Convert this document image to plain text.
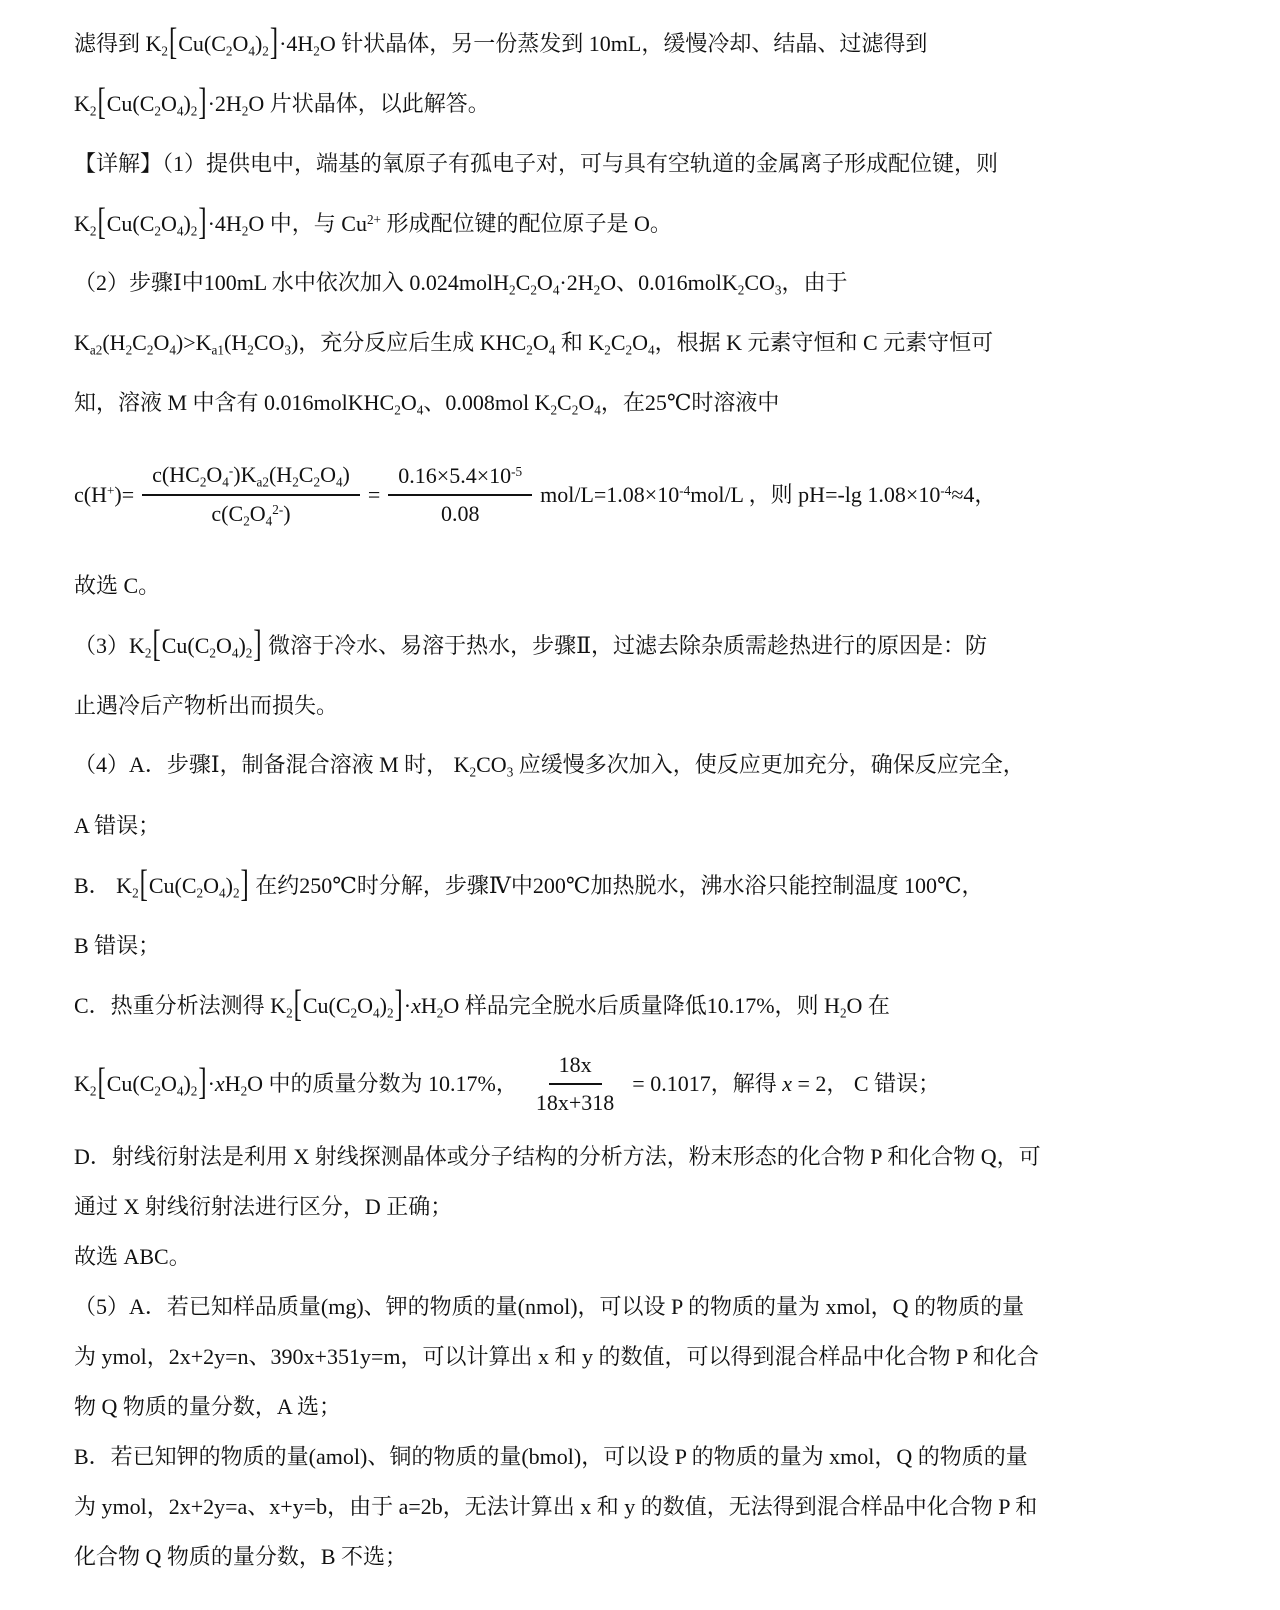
滤得到 $K_2[Cu(C_2O_4)_2]\cdot 4H_2O$ 针状晶体，另一份蒸发到 10mL，缓慢冷却、结晶、过滤得到
$K_2[Cu(C_2O_4)_2]\cdot 2H_2O$ 片状晶体，以此解答。
【详解】（1）提供电中，端基的氧原子有孤电子对，可与具有空轨道的金属离子形成配位键，则
$K_2[Cu(C_2O_4)_2]\cdot 4H_2O$ 中，与 $Cu^{2+}$ 形成配位键的配位原子是 O。
（2）步骤Ⅰ中100mL 水中依次加入 $0.024molH_2C_2O_4\cdot 2H_2O$、$0.016molK_2CO_3$，由于
$K_{a2}(H_2C_2O_4)>K_{a1}(H_2CO_3)$，充分反应后生成 $KHC_2O_4$ 和 $K_2C_2O_4$，根据 K 元素守恒和 C 元素守恒可
知，溶液 M 中含有 $0.016molKHC_2O_4$、0.008mol $K_2C_2O_4$，在25℃时溶液中
$c(H^+)= \frac{c(HC_2O_4^-)K_{a2}(H_2C_2O_4)}{c(C_2O_4^{2-})} = \frac{0.16\times 5.4\times 10^{-5}}{0.08} mol/L=1.08\times 10^{-4}mol/L$ ，则 pH=-lg $1.08\times 10^{-4}\approx 4$，
故选 C。
$(3)K_2[Cu(C_2O_4)_2]$ 微溶于冷水、易溶于热水，步骤Ⅱ，过滤去除杂质需趁热进行的原因是：防
止遇冷后产物析出而损失。
（4）A．步骤Ⅰ，制备混合溶液 M 时， $K_2CO_3$ 应缓慢多次加入，使反应更加充分，确保反应完全，
A 错误；
B． $K_2[Cu(C_2O_4)_2]$ 在约250℃时分解，步骤Ⅳ中200℃加热脱水，沸水浴只能控制温度 100℃，
B 错误；
C．热重分析法测得 $K_2[Cu(C_2O_4)_2]\cdot xH_2O$ 样品完全脱水后质量降低10.17%，则 $H_2O$ 在
$K_2[Cu(C_2O_4)_2]\cdot xH_2O$ 中的质量分数为 10.17%， $\frac{18x}{18x+318} = 0.1017$，解得 x = 2， C 错误；
D．射线衍射法是利用 X 射线探测晶体或分子结构的分析方法，粉末形态的化合物 P 和化合物 Q，可
通过 X 射线衍射法进行区分，D 正确；
故选 ABC。
（5）A．若已知样品质量(mg)、钾的物质的量(nmol)，可以设 P 的物质的量为 xmol，Q 的物质的量
为 ymol，2x+2y=n、390x+351y=m，可以计算出 x 和 y 的数值，可以得到混合样品中化合物 P 和化合
物 Q 物质的量分数，A 选；
B．若已知钾的物质的量(amol)、铜的物质的量(bmol)，可以设 P 的物质的量为 xmol，Q 的物质的量
为 ymol，2x+2y=a、x+y=b，由于 a=2b，无法计算出 x 和 y 的数值，无法得到混合样品中化合物 P 和
化合物 Q 物质的量分数，B 不选；
